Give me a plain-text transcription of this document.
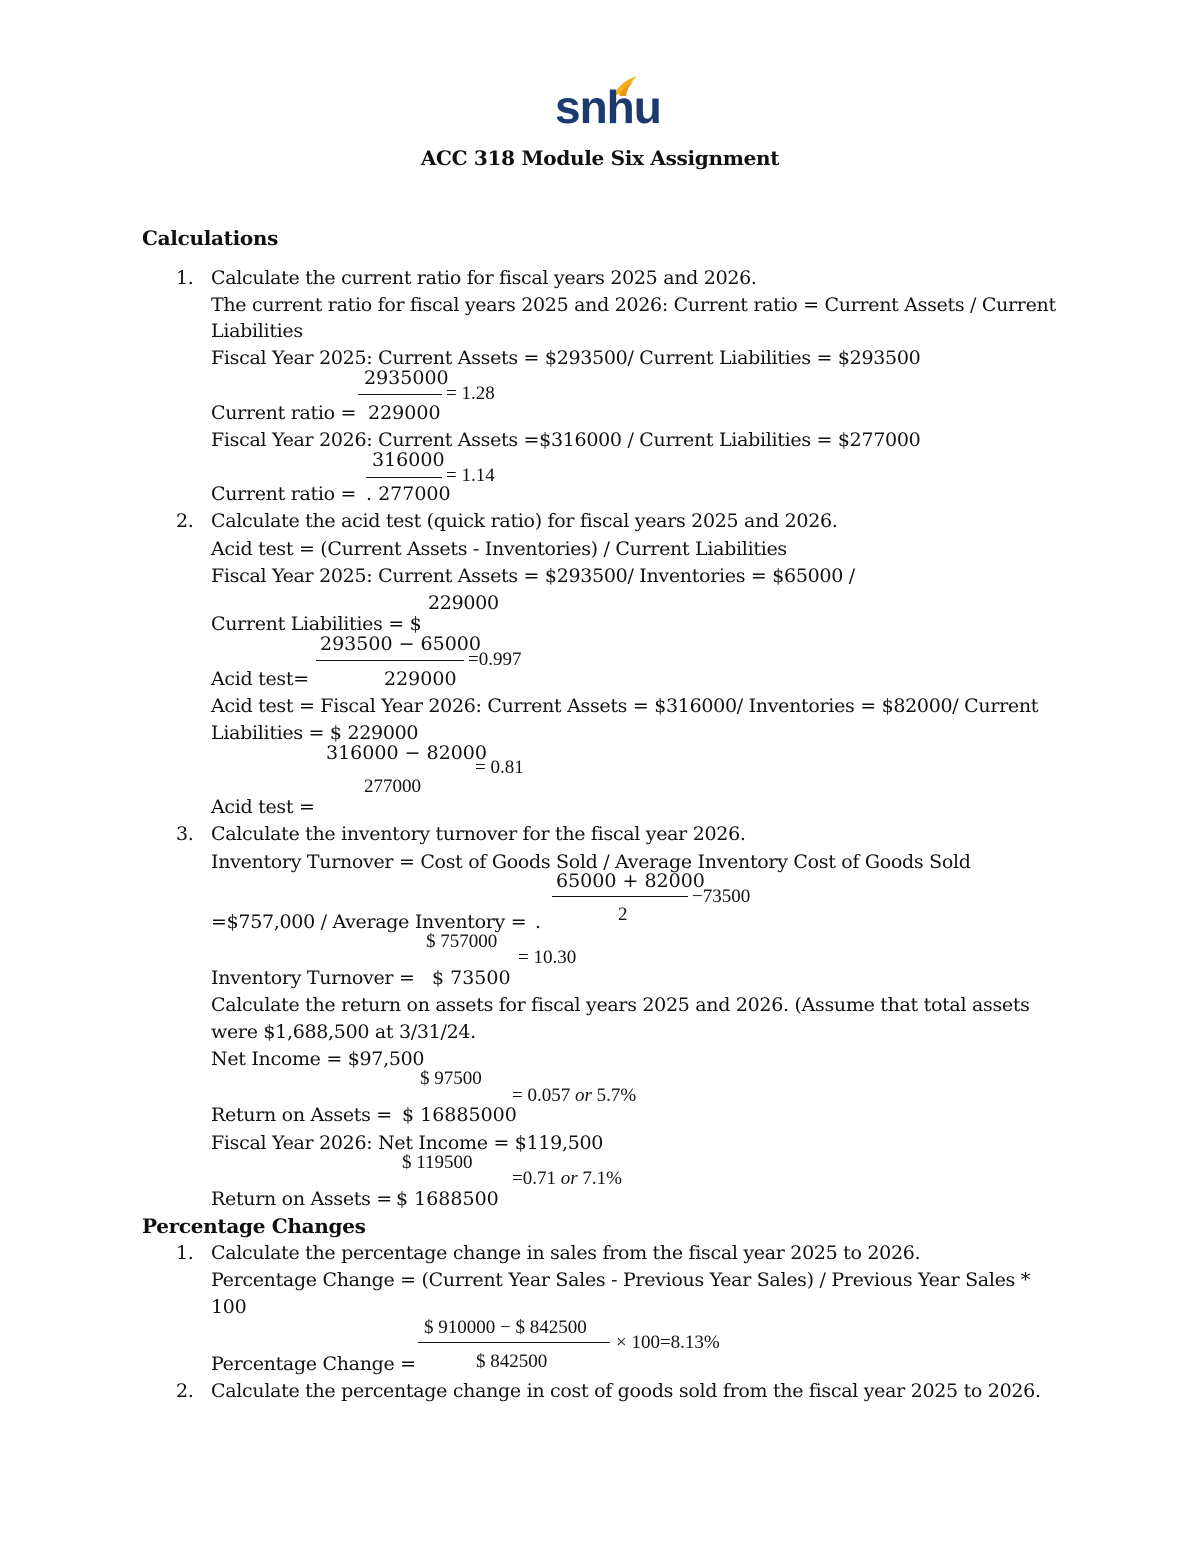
snhu
ACC 318 Module Six Assignment
Calculations
1. Calculate the current ratio for fiscal years 2025 and 2026.
The current ratio for fiscal years 2025 and 2026: Current ratio = Current Assets / Current
Liabilities
Fiscal Year 2025: Current Assets = $293500/ Current Liabilities = $293500
2935000
= 1.28
Current ratio = 229000
Fiscal Year 2026: Current Assets =$316000 / Current Liabilities = $277000
316000
= 1.14
Current ratio = . 277000
2. Calculate the acid test (quick ratio) for fiscal years 2025 and 2026.
Acid test = (Current Assets - Inventories) / Current Liabilities
Fiscal Year 2025: Current Assets = $293500/ Inventories = $65000 /
229000
Current Liabilities = $
293500 − 65000
=0.997
Acid test=	229000
Acid test = Fiscal Year 2026: Current Assets = $316000/ Inventories = $82000/ Current
Liabilities = $ 229000
316000 − 82000
= 0.81
277000
Acid test =
3. Calculate the inventory turnover for the fiscal year 2026.
Inventory Turnover = Cost of Goods Sold / Average Inventory Cost of Goods Sold
65000 + 82000
−73500
=$757,000 / Average Inventory = .	2
$ 757000
= 10.30
Inventory Turnover = $ 73500
Calculate the return on assets for fiscal years 2025 and 2026. (Assume that total assets
were $1,688,500 at 3/31/24.
Net Income = $97,500
$ 97500
= 0.057 or 5.7%
Return on Assets = $ 16885000
Fiscal Year 2026: Net Income = $119,500
$ 119500
=0.71 or 7.1%
Return on Assets = $ 1688500
Percentage Changes
1. Calculate the percentage change in sales from the fiscal year 2025 to 2026.
Percentage Change = (Current Year Sales - Previous Year Sales) / Previous Year Sales *
100
$ 910000 − $ 842500
× 100=8.13%
Percentage Change =	$ 842500
2. Calculate the percentage change in cost of goods sold from the fiscal year 2025 to 2026.
